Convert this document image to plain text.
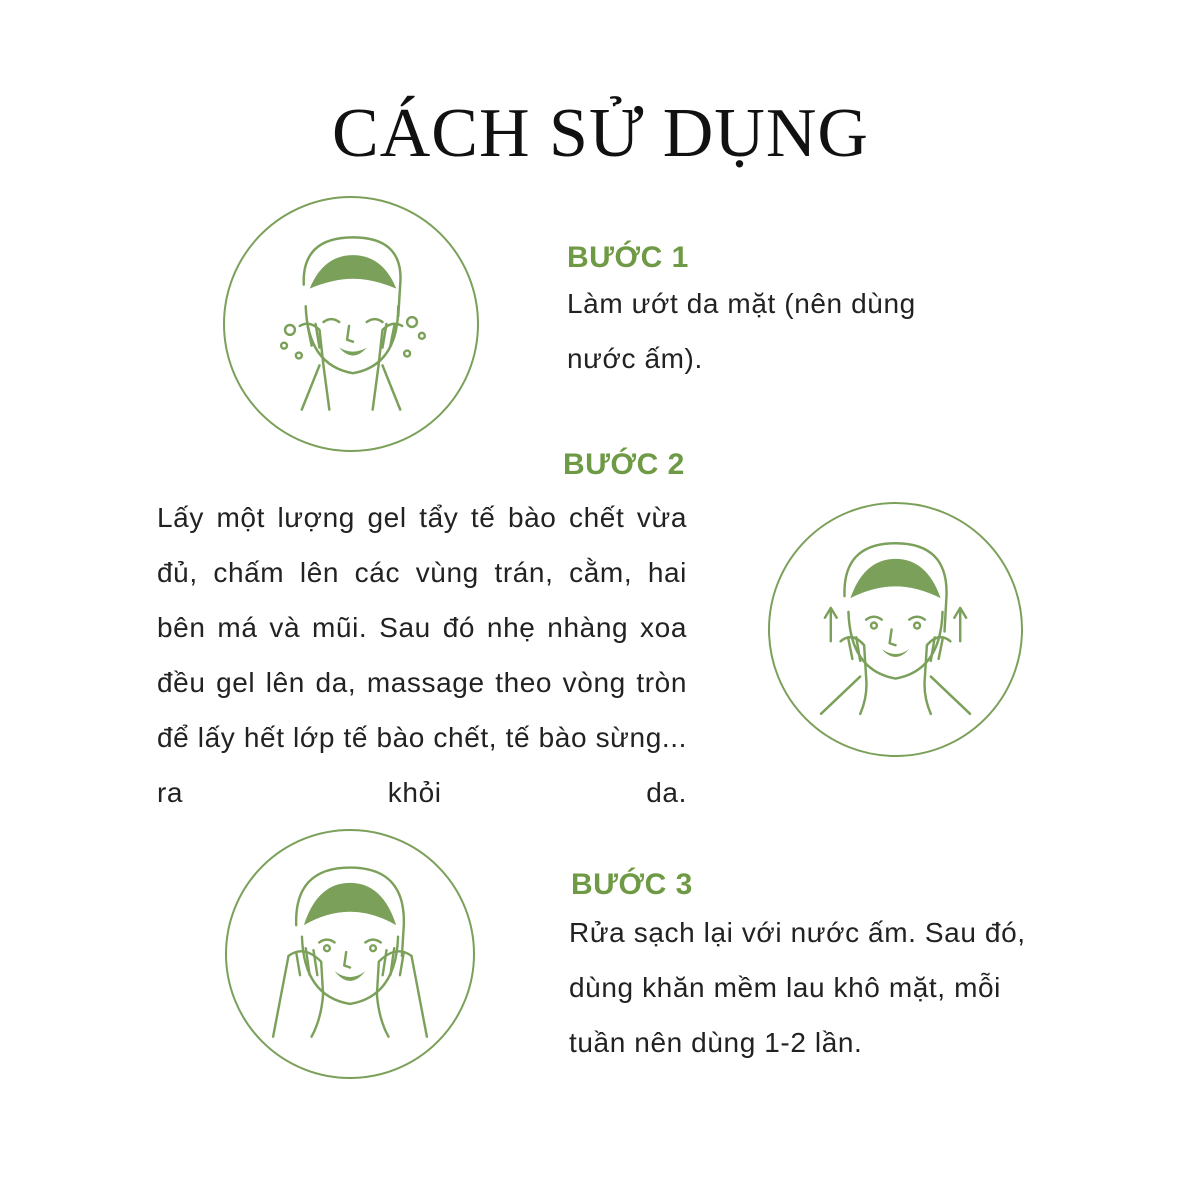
CÁCH SỬ DỤNG
BƯỚC 1

Làm ướt da mặt (nên dùng nước ấm).

BƯỚC 2

Lấy một lượng gel tẩy tế bào chết vừa đủ, chấm lên các vùng trán, cằm, hai bên má và mũi. Sau đó nhẹ nhàng xoa đều gel lên da, massage theo vòng tròn để lấy hết lớp tế bào chết, tế bào sừng... ra khỏi da.

BƯỚC 3

Rửa sạch lại với nước ấm. Sau đó, dùng khăn mềm lau khô mặt, mỗi tuần nên dùng 1-2 lần.
